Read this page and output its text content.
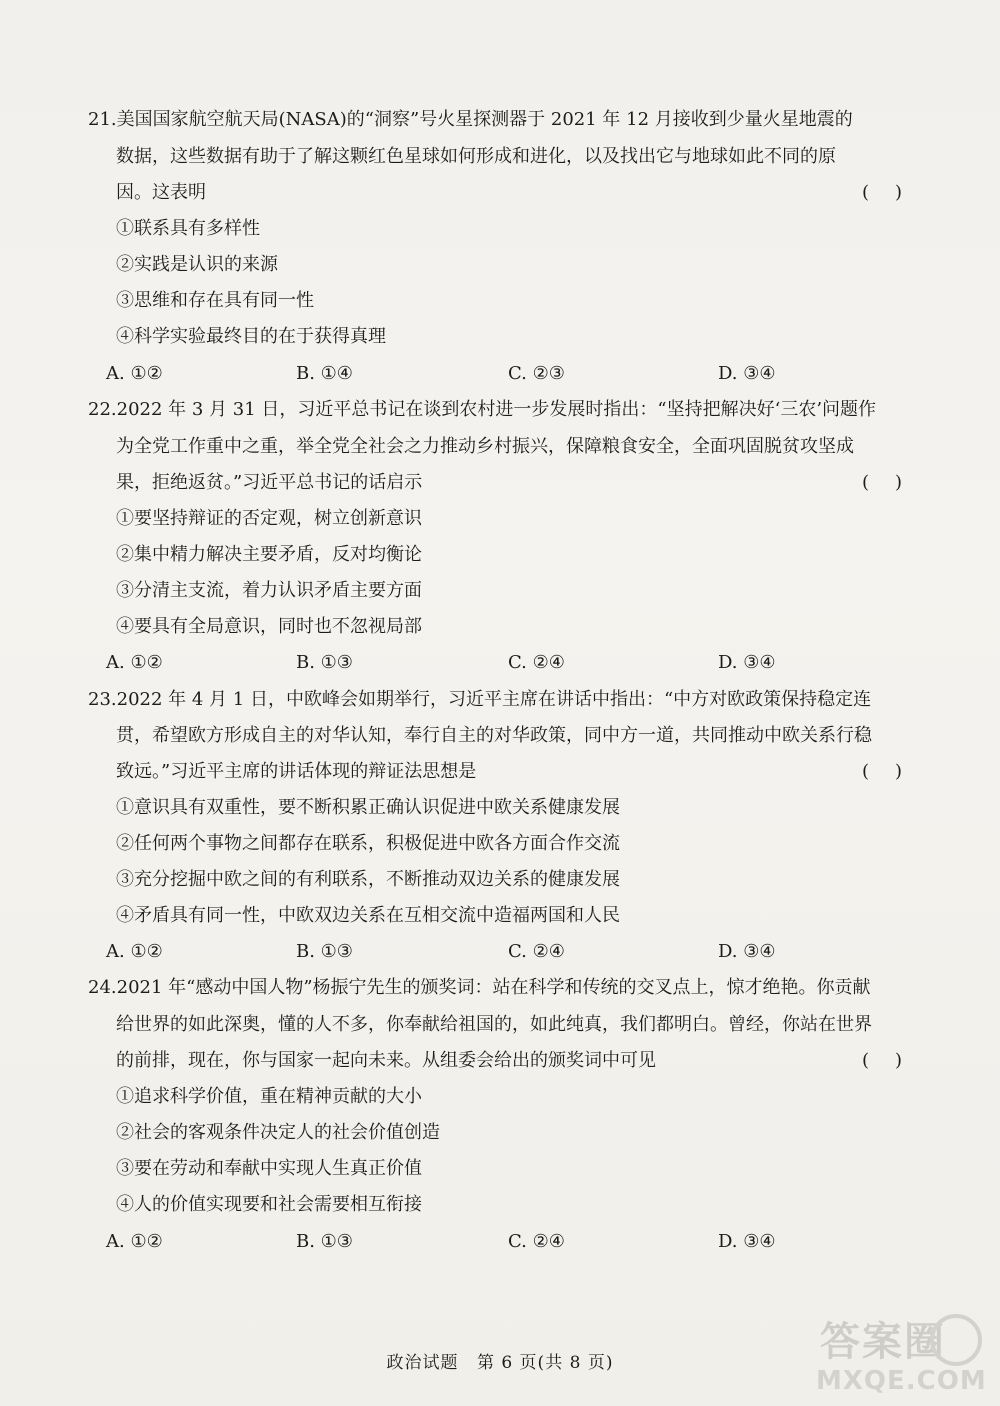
21.美国国家航空航天局(NASA)的“洞察”号火星探测器于 2021 年 12 月接收到少量火星地震的
数据，这些数据有助于了解这颗红色星球如何形成和进化，以及找出它与地球如此不同的原
因。这表明	()
①联系具有多样性
②实践是认识的来源
③思维和存在具有同一性
④科学实验最终目的在于获得真理
A. ①②	B. ①④	C. ②③	D. ③④
22.2022 年 3 月 31 日，习近平总书记在谈到农村进一步发展时指出：“坚持把解决好‘三农’问题作
为全党工作重中之重，举全党全社会之力推动乡村振兴，保障粮食安全，全面巩固脱贫攻坚成
果，拒绝返贫。”习近平总书记的话启示	()
①要坚持辩证的否定观，树立创新意识
②集中精力解决主要矛盾，反对均衡论
③分清主支流，着力认识矛盾主要方面
④要具有全局意识，同时也不忽视局部
A. ①②	B. ①③	C. ②④	D. ③④
23.2022 年 4 月 1 日，中欧峰会如期举行，习近平主席在讲话中指出：“中方对欧政策保持稳定连
贯，希望欧方形成自主的对华认知，奉行自主的对华政策，同中方一道，共同推动中欧关系行稳
致远。”习近平主席的讲话体现的辩证法思想是	()
①意识具有双重性，要不断积累正确认识促进中欧关系健康发展
②任何两个事物之间都存在联系，积极促进中欧各方面合作交流
③充分挖掘中欧之间的有利联系，不断推动双边关系的健康发展
④矛盾具有同一性，中欧双边关系在互相交流中造福两国和人民
A. ①②	B. ①③	C. ②④	D. ③④
24.2021 年“感动中国人物”杨振宁先生的颁奖词：站在科学和传统的交叉点上，惊才绝艳。你贡献
给世界的如此深奥，懂的人不多，你奉献给祖国的，如此纯真，我们都明白。曾经，你站在世界
的前排，现在，你与国家一起向未来。从组委会给出的颁奖词中可见	()
①追求科学价值，重在精神贡献的大小
②社会的客观条件决定人的社会价值创造
③要在劳动和奉献中实现人生真正价值
④人的价值实现要和社会需要相互衔接
A. ①②	B. ①③	C. ②④	D. ③④
政治试题 第 6 页(共 8 页)	答案圈
MXQE.COM
